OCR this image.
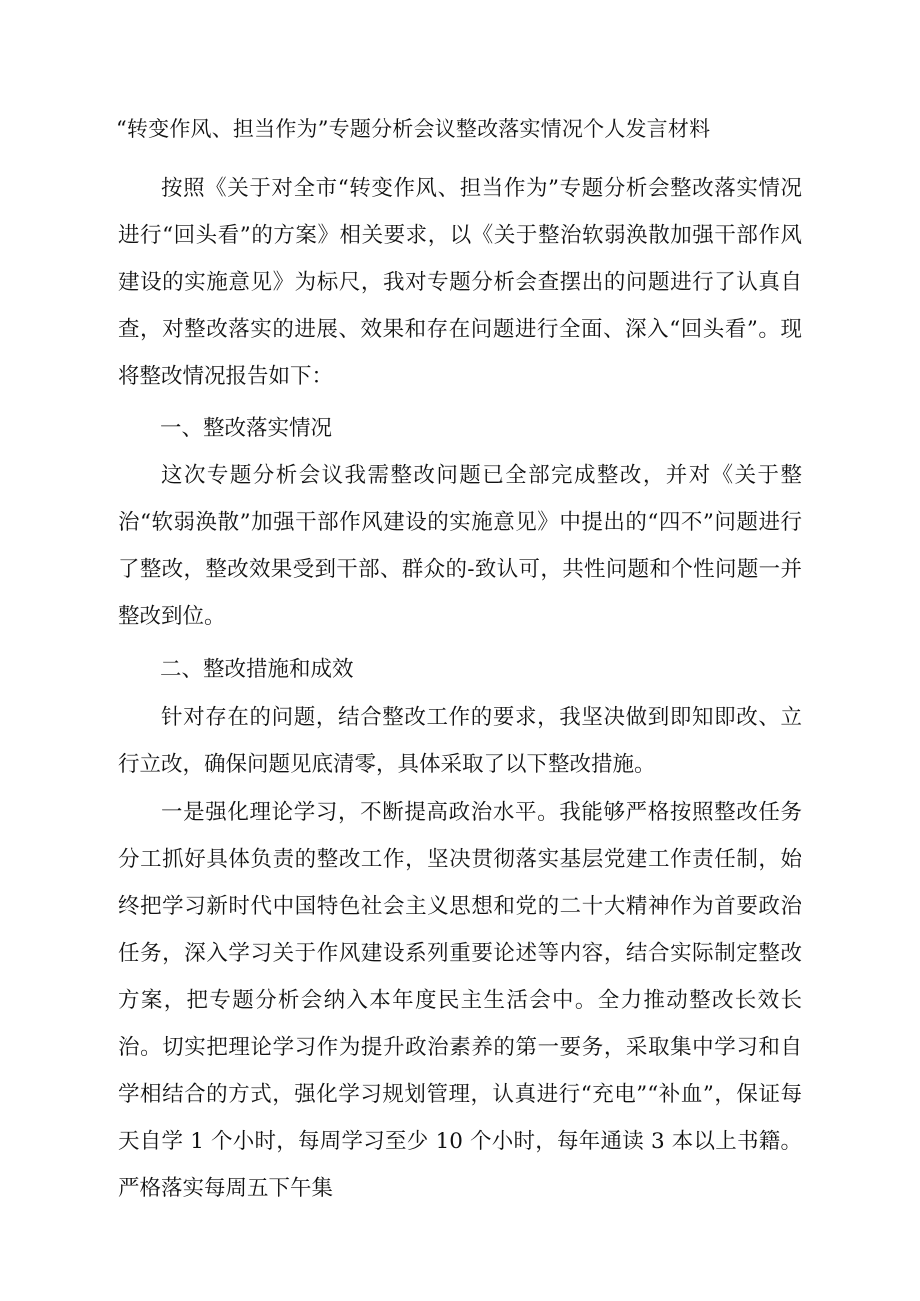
“转变作风、担当作为”专题分析会议整改落实情况个人发言材料
按照《关于对全市“转变作风、担当作为”专题分析会整改落实情况进行“回头看”的方案》相关要求，以《关于整治软弱涣散加强干部作风建设的实施意见》为标尺，我对专题分析会查摆出的问题进行了认真自查，对整改落实的进展、效果和存在问题进行全面、深入“回头看”。现将整改情况报告如下：
一、整改落实情况
这次专题分析会议我需整改问题已全部完成整改，并对《关于整治“软弱涣散”加强干部作风建设的实施意见》中提出的“四不”问题进行了整改，整改效果受到干部、群众的-致认可，共性问题和个性问题一并整改到位。
二、整改措施和成效
针对存在的问题，结合整改工作的要求，我坚决做到即知即改、立行立改，确保问题见底清零，具体采取了以下整改措施。
一是强化理论学习，不断提高政治水平。我能够严格按照整改任务分工抓好具体负责的整改工作，坚决贯彻落实基层党建工作责任制，始终把学习新时代中国特色社会主义思想和党的二十大精神作为首要政治任务，深入学习关于作风建设系列重要论述等内容，结合实际制定整改方案，把专题分析会纳入本年度民主生活会中。全力推动整改长效长治。切实把理论学习作为提升政治素养的第一要务，采取集中学习和自学相结合的方式，强化学习规划管理，认真进行“充电”“补血”，保证每天自学 1 个小时，每周学习至少 10 个小时，每年通读 3 本以上书籍。严格落实每周五下午集
